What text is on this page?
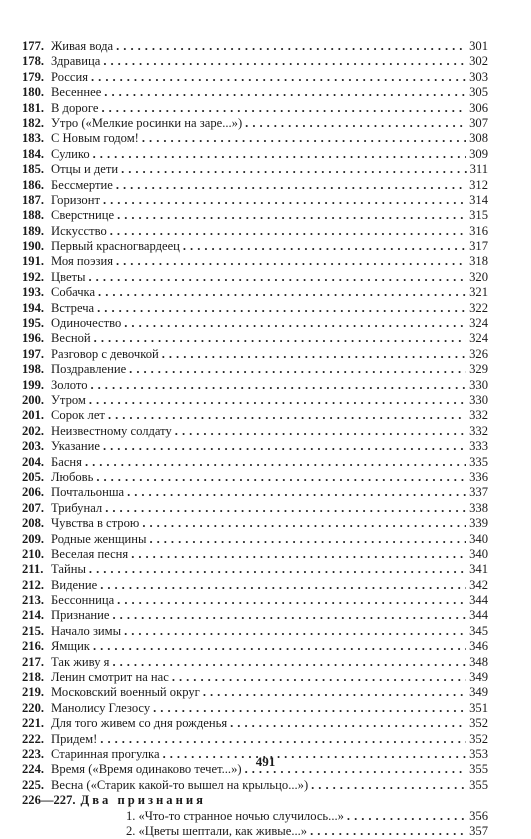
177. Живая вода .....	301
178. Здравица .....	302
179. Россия .....	303
180. Весеннее .....	305
181. В дороге .....	306
182. Утро («Мелкие росинки на заре...») .....	307
183. С Новым годом! .....	308
184. Сулико .....	309
185. Отцы и дети .....	311
186. Бессмертие .....	312
187. Горизонт .....	314
188. Сверстнице .....	315
189. Искусство .....	316
190. Первый красногвардеец .....	317
191. Моя поэзия .....	318
192. Цветы .....	320
193. Собачка .....	321
194. Встреча .....	322
195. Одиночество .....	324
196. Весной .....	324
197. Разговор с девочкой .....	326
198. Поздравление .....	329
199. Золото .....	330
200. Утром .....	330
201. Сорок лет .....	332
202. Неизвестному солдату .....	332
203. Указание .....	333
204. Басня .....	335
205. Любовь .....	336
206. Почтальонша .....	337
207. Трибунал .....	338
208. Чувства в строю .....	339
209. Родные женщины .....	340
210. Веселая песня .....	340
211. Тайны .....	341
212. Видение .....	342
213. Бессонница .....	344
214. Признание .....	344
215. Начало зимы .....	345
216. Ямщик .....	346
217. Так живу я .....	348
218. Ленин смотрит на нас .....	349
219. Московский военный округ .....	349
220. Манолису Глезосу .....	351
221. Для того живем со дня рожденья .....	352
222. Придем! .....	352
223. Старинная прогулка .....	353
224. Время («Время одинаково течет...») .....	355
225. Весна («Старик какой-то вышел на крыльцо...») .....	355
226—227. Два признания
1. «Что-то странное ночью случилось...» .....	356
2. «Цветы шептали, как живые...» .....	357
491
